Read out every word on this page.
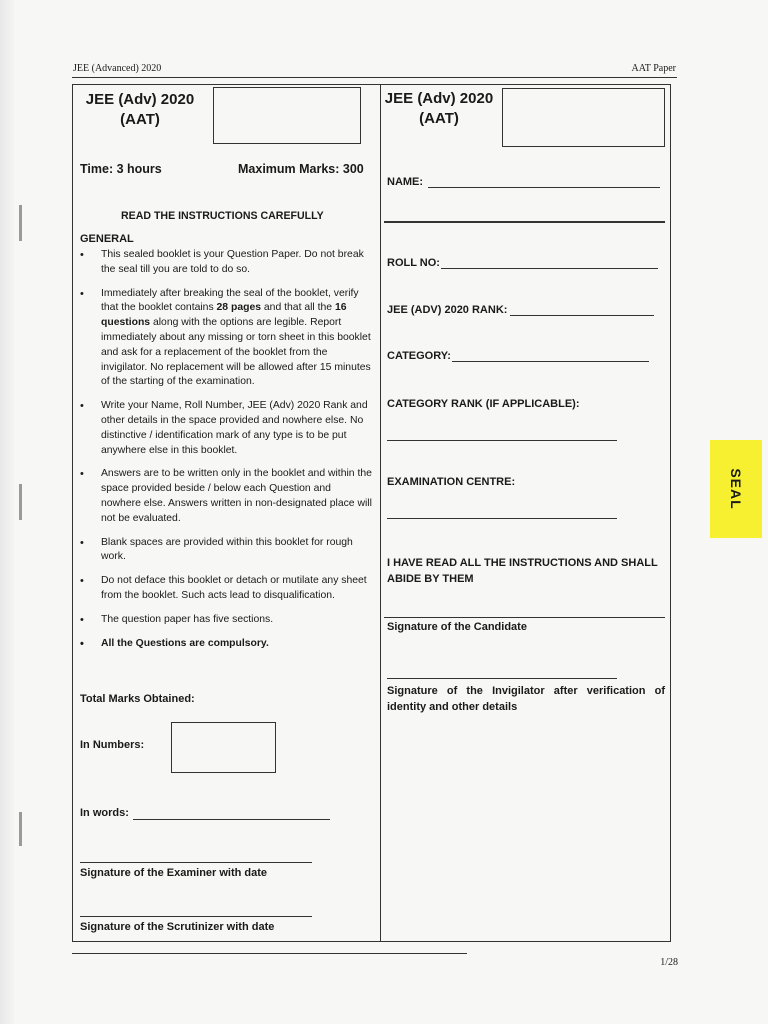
JEE (Advanced) 2020	AAT Paper
JEE (Adv) 2020
(AAT)
Time: 3 hours	Maximum Marks: 300
READ THE INSTRUCTIONS CAREFULLY
GENERAL
• This sealed booklet is your Question Paper. Do not break the seal till you are told to do so.
• Immediately after breaking the seal of the booklet, verify that the booklet contains 28 pages and that all the 16 questions along with the options are legible. Report immediately about any missing or torn sheet in this booklet and ask for a replacement of the booklet from the invigilator. No replacement will be allowed after 15 minutes of the starting of the examination.
• Write your Name, Roll Number, JEE (Adv) 2020 Rank and other details in the space provided and nowhere else. No distinctive / identification mark of any type is to be put anywhere else in this booklet.
• Answers are to be written only in the booklet and within the space provided beside / below each Question and nowhere else. Answers written in non-designated place will not be evaluated.
• Blank spaces are provided within this booklet for rough work.
• Do not deface this booklet or detach or mutilate any sheet from the booklet. Such acts lead to disqualification.
• The question paper has five sections.
• All the Questions are compulsory.
Total Marks Obtained:
In Numbers:
In words:
Signature of the Examiner with date
Signature of the Scrutinizer with date
JEE (Adv) 2020
(AAT)
NAME:
ROLL NO:
JEE (ADV) 2020 RANK:
CATEGORY:
CATEGORY RANK (IF APPLICABLE):
EXAMINATION CENTRE:
I HAVE READ ALL THE INSTRUCTIONS AND SHALL ABIDE BY THEM
Signature of the Candidate
Signature of the Invigilator after verification of identity and other details
SEAL
1/28
